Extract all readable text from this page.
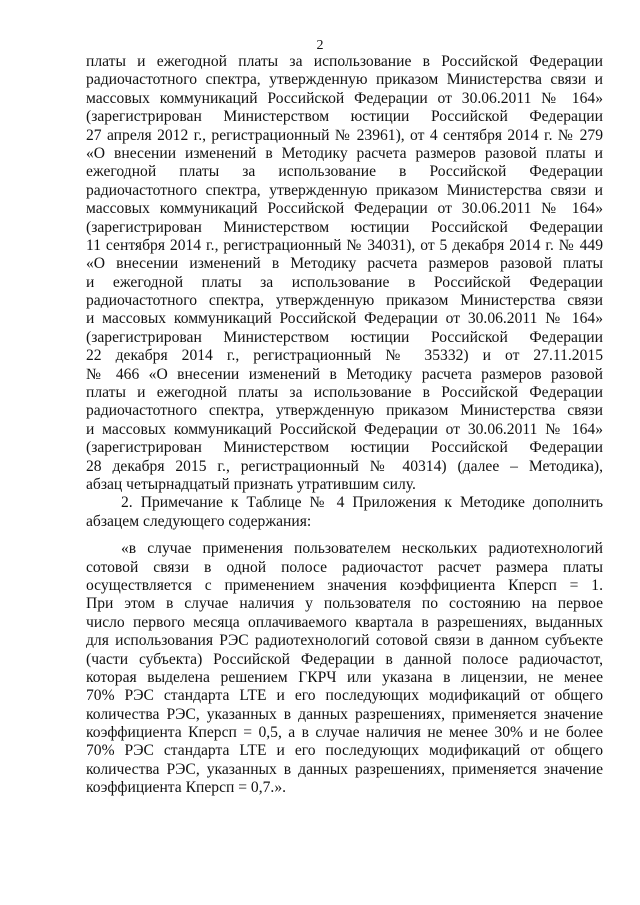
2
платы и ежегодной платы за использование в Российской Федерации
радиочастотного спектра, утвержденную приказом Министерства связи и
массовых коммуникаций Российской Федерации от 30.06.2011 № 164»
(зарегистрирован Министерством юстиции Российской Федерации
27 апреля 2012 г., регистрационный № 23961), от 4 сентября 2014 г. № 279
«О внесении изменений в Методику расчета размеров разовой платы и
ежегодной платы за использование в Российской Федерации
радиочастотного спектра, утвержденную приказом Министерства связи и
массовых коммуникаций Российской Федерации от 30.06.2011 № 164»
(зарегистрирован Министерством юстиции Российской Федерации
11 сентября 2014 г., регистрационный № 34031), от 5 декабря 2014 г. № 449
«О внесении изменений в Методику расчета размеров разовой платы
и ежегодной платы за использование в Российской Федерации
радиочастотного спектра, утвержденную приказом Министерства связи
и массовых коммуникаций Российской Федерации от 30.06.2011 № 164»
(зарегистрирован Министерством юстиции Российской Федерации
22 декабря 2014 г., регистрационный № 35332) и от 27.11.2015
№ 466 «О внесении изменений в Методику расчета размеров разовой
платы и ежегодной платы за использование в Российской Федерации
радиочастотного спектра, утвержденную приказом Министерства связи
и массовых коммуникаций Российской Федерации от 30.06.2011 № 164»
(зарегистрирован Министерством юстиции Российской Федерации
28 декабря 2015 г., регистрационный № 40314) (далее – Методика),
абзац четырнадцатый признать утратившим силу.
2. Примечание к Таблице № 4 Приложения к Методике дополнить
абзацем следующего содержания:
«в случае применения пользователем нескольких радиотехнологий
сотовой связи в одной полосе радиочастот расчет размера платы
осуществляется с применением значения коэффициента Кперсп = 1.
При этом в случае наличия у пользователя по состоянию на первое
число первого месяца оплачиваемого квартала в разрешениях, выданных
для использования РЭС радиотехнологий сотовой связи в данном субъекте
(части субъекта) Российской Федерации в данной полосе радиочастот,
которая выделена решением ГКРЧ или указана в лицензии, не менее
70% РЭС стандарта LTE и его последующих модификаций от общего
количества РЭС, указанных в данных разрешениях, применяется значение
коэффициента Кперсп = 0,5, а в случае наличия не менее 30% и не более
70% РЭС стандарта LTE и его последующих модификаций от общего
количества РЭС, указанных в данных разрешениях, применяется значение
коэффициента Кперсп = 0,7.».
